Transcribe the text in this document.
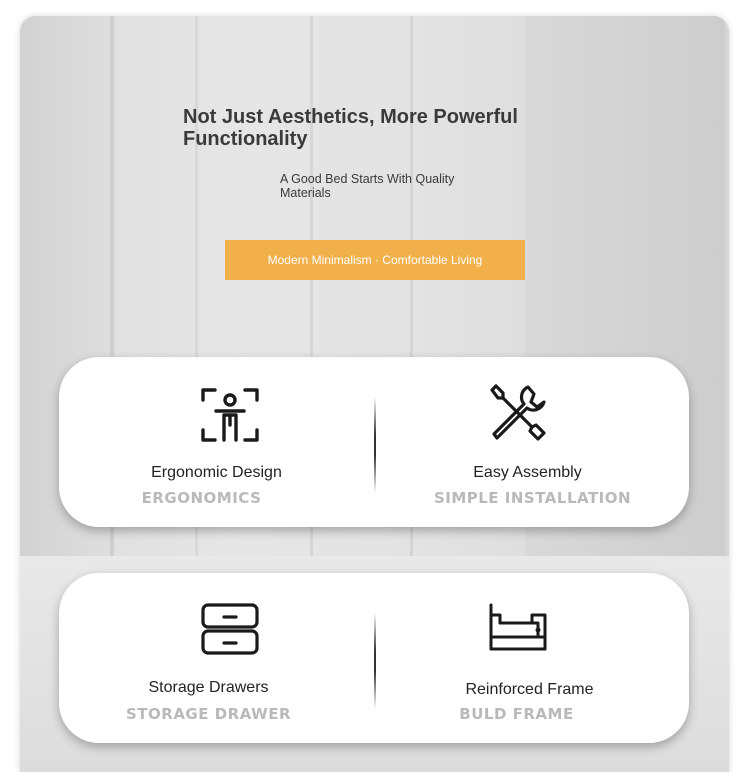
Not Just Aesthetics, More Powerful Functionality
A Good Bed Starts With Quality Materials
Modern Minimalism · Comfortable Living
Ergonomic Design
ERGONOMICS
Easy Assembly
SIMPLE INSTALLATION
Storage Drawers
STORAGE DRAWER
Reinforced Frame
BULD FRAME
